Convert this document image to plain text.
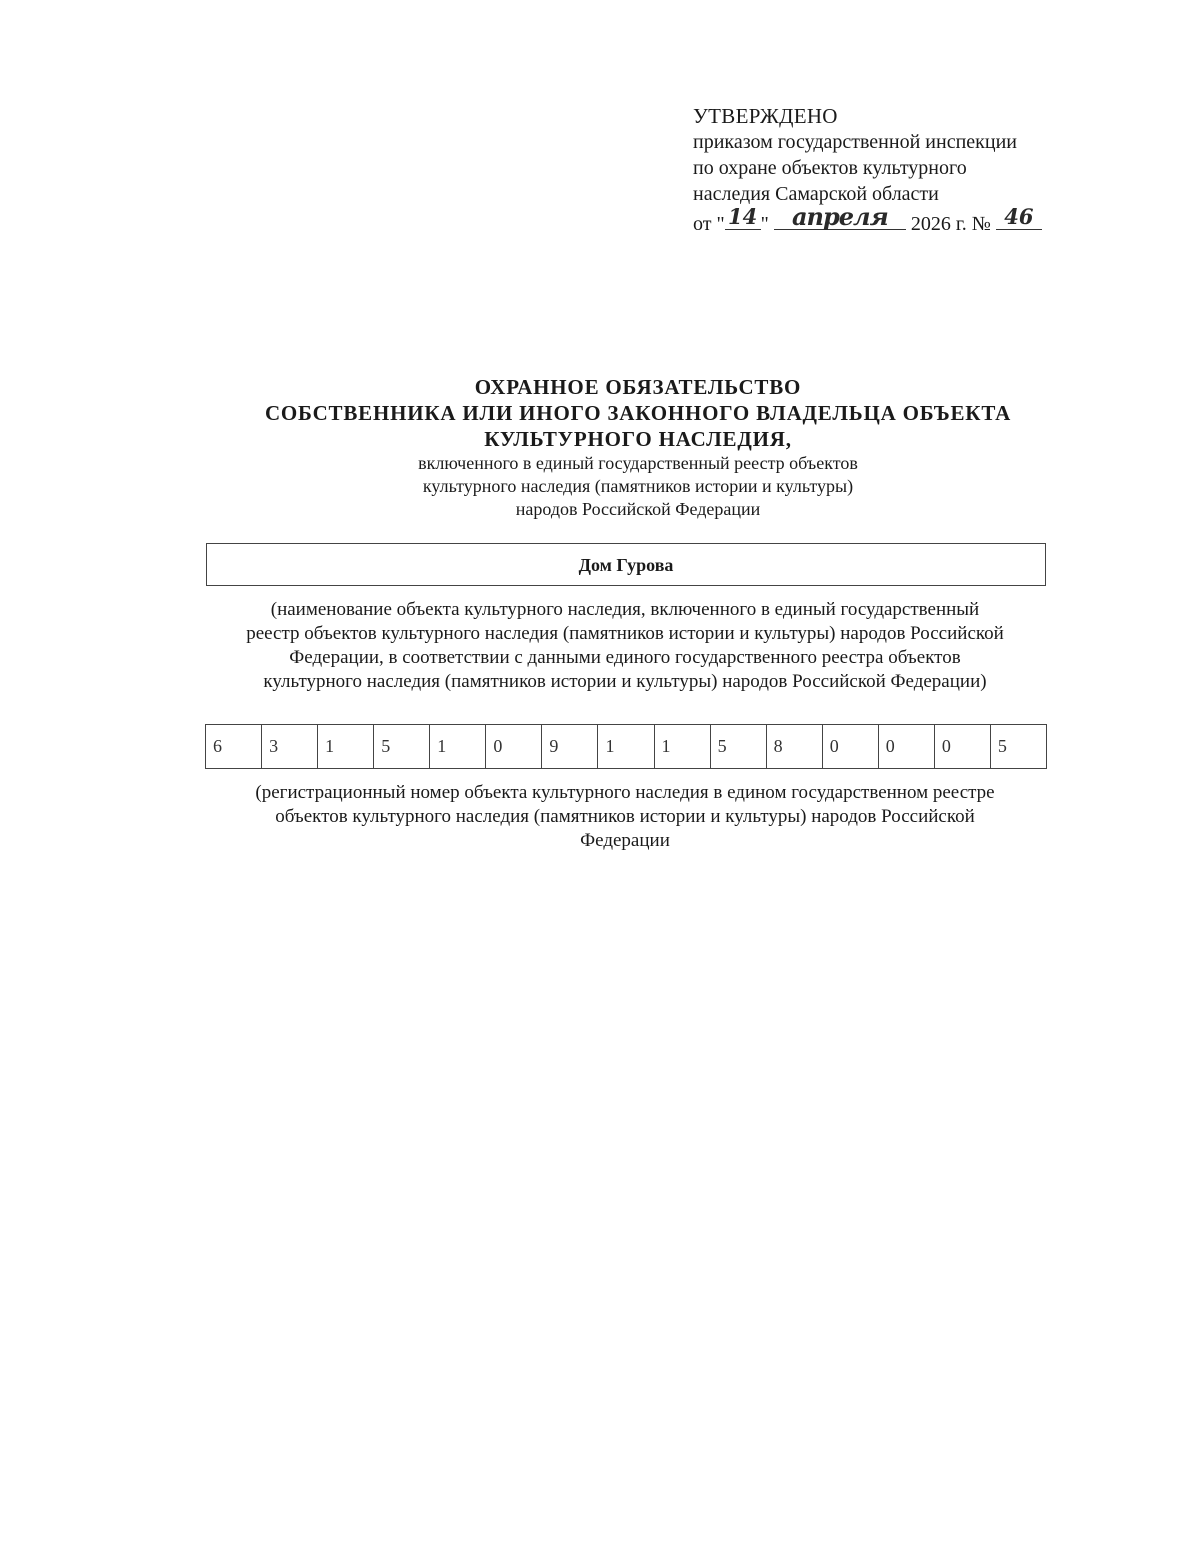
УТВЕРЖДЕНО
приказом государственной инспекции
по охране объектов культурного
наследия Самарской области
от " 14 " апреля 2026 г. № 46
ОХРАННОЕ ОБЯЗАТЕЛЬСТВО
СОБСТВЕННИКА ИЛИ ИНОГО ЗАКОННОГО ВЛАДЕЛЬЦА ОБЪЕКТА
КУЛЬТУРНОГО НАСЛЕДИЯ,
включенного в единый государственный реестр объектов
культурного наследия (памятников истории и культуры)
народов Российской Федерации
Дом Гурова
(наименование объекта культурного наследия, включенного в единый государственный
реестр объектов культурного наследия (памятников истории и культуры) народов Российской
Федерации, в соответствии с данными единого государственного реестра объектов
культурного наследия (памятников истории и культуры) народов Российской Федерации)
6	3	1	5	1	0	9	1	1	5	8	0	0	0	5
(регистрационный номер объекта культурного наследия в едином государственном реестре
объектов культурного наследия (памятников истории и культуры) народов Российской
Федерации
